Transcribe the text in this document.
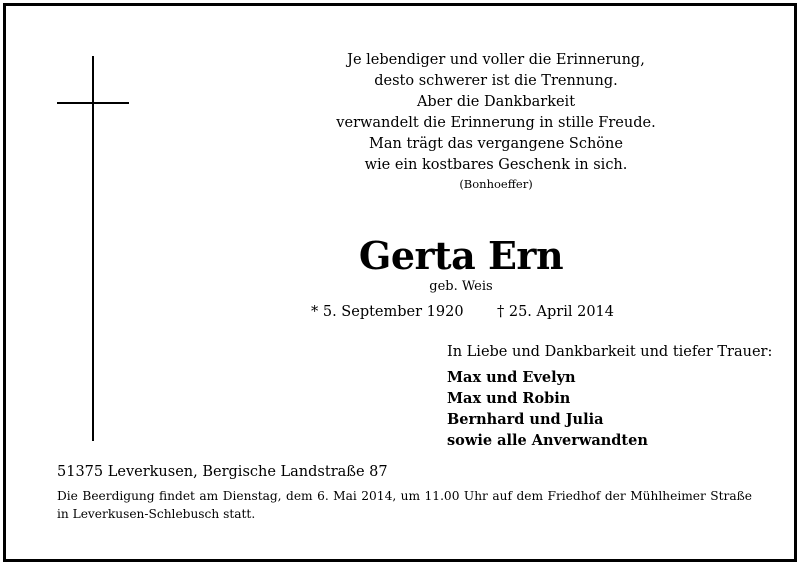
Je lebendiger und voller die Erinnerung,
desto schwerer ist die Trennung.
Aber die Dankbarkeit
verwandelt die Erinnerung in stille Freude.
Man trägt das vergangene Schöne
wie ein kostbares Geschenk in sich.
(Bonhoeffer)
Gerta Ern
geb. Weis
* 5. September 1920 † 25. April 2014
In Liebe und Dankbarkeit und tiefer Trauer:
Max und Evelyn
Max und Robin
Bernhard und Julia
sowie alle Anverwandten
51375 Leverkusen, Bergische Landstraße 87
Die Beerdigung findet am Dienstag, dem 6. Mai 2014, um 11.00 Uhr auf dem Friedhof der Mühlheimer Straße in Leverkusen-Schlebusch statt.
